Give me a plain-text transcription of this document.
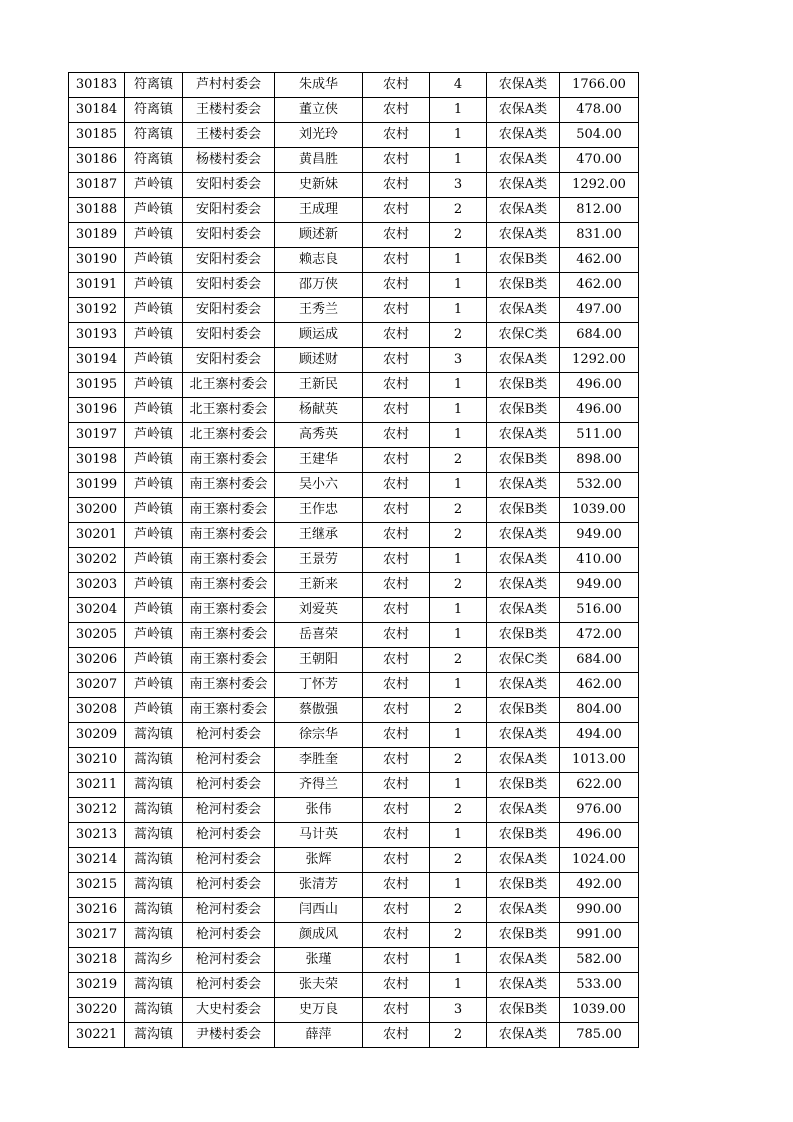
30183	符离镇	芦村村委会	朱成华	农村	4	农保A类	1766.00
30184	符离镇	王楼村委会	董立侠	农村	1	农保A类	478.00
30185	符离镇	王楼村委会	刘光玲	农村	1	农保A类	504.00
30186	符离镇	杨楼村委会	黄昌胜	农村	1	农保A类	470.00
30187	芦岭镇	安阳村委会	史新妹	农村	3	农保A类	1292.00
30188	芦岭镇	安阳村委会	王成理	农村	2	农保A类	812.00
30189	芦岭镇	安阳村委会	顾述新	农村	2	农保A类	831.00
30190	芦岭镇	安阳村委会	赖志良	农村	1	农保B类	462.00
30191	芦岭镇	安阳村委会	邵万侠	农村	1	农保B类	462.00
30192	芦岭镇	安阳村委会	王秀兰	农村	1	农保A类	497.00
30193	芦岭镇	安阳村委会	顾运成	农村	2	农保C类	684.00
30194	芦岭镇	安阳村委会	顾述财	农村	3	农保A类	1292.00
30195	芦岭镇	北王寨村委会	王新民	农村	1	农保B类	496.00
30196	芦岭镇	北王寨村委会	杨献英	农村	1	农保B类	496.00
30197	芦岭镇	北王寨村委会	高秀英	农村	1	农保A类	511.00
30198	芦岭镇	南王寨村委会	王建华	农村	2	农保B类	898.00
30199	芦岭镇	南王寨村委会	吴小六	农村	1	农保A类	532.00
30200	芦岭镇	南王寨村委会	王作忠	农村	2	农保B类	1039.00
30201	芦岭镇	南王寨村委会	王继承	农村	2	农保A类	949.00
30202	芦岭镇	南王寨村委会	王景劳	农村	1	农保A类	410.00
30203	芦岭镇	南王寨村委会	王新来	农村	2	农保A类	949.00
30204	芦岭镇	南王寨村委会	刘爱英	农村	1	农保A类	516.00
30205	芦岭镇	南王寨村委会	岳喜荣	农村	1	农保B类	472.00
30206	芦岭镇	南王寨村委会	王朝阳	农村	2	农保C类	684.00
30207	芦岭镇	南王寨村委会	丁怀芳	农村	1	农保A类	462.00
30208	芦岭镇	南王寨村委会	蔡傲强	农村	2	农保B类	804.00
30209	蒿沟镇	枪河村委会	徐宗华	农村	1	农保A类	494.00
30210	蒿沟镇	枪河村委会	李胜奎	农村	2	农保A类	1013.00
30211	蒿沟镇	枪河村委会	齐得兰	农村	1	农保B类	622.00
30212	蒿沟镇	枪河村委会	张伟	农村	2	农保A类	976.00
30213	蒿沟镇	枪河村委会	马计英	农村	1	农保B类	496.00
30214	蒿沟镇	枪河村委会	张辉	农村	2	农保A类	1024.00
30215	蒿沟镇	枪河村委会	张清芳	农村	1	农保B类	492.00
30216	蒿沟镇	枪河村委会	闫西山	农村	2	农保A类	990.00
30217	蒿沟镇	枪河村委会	颜成风	农村	2	农保B类	991.00
30218	蒿沟乡	枪河村委会	张瑾	农村	1	农保A类	582.00
30219	蒿沟镇	枪河村委会	张夫荣	农村	1	农保A类	533.00
30220	蒿沟镇	大史村委会	史万良	农村	3	农保B类	1039.00
30221	蒿沟镇	尹楼村委会	薛萍	农村	2	农保A类	785.00
